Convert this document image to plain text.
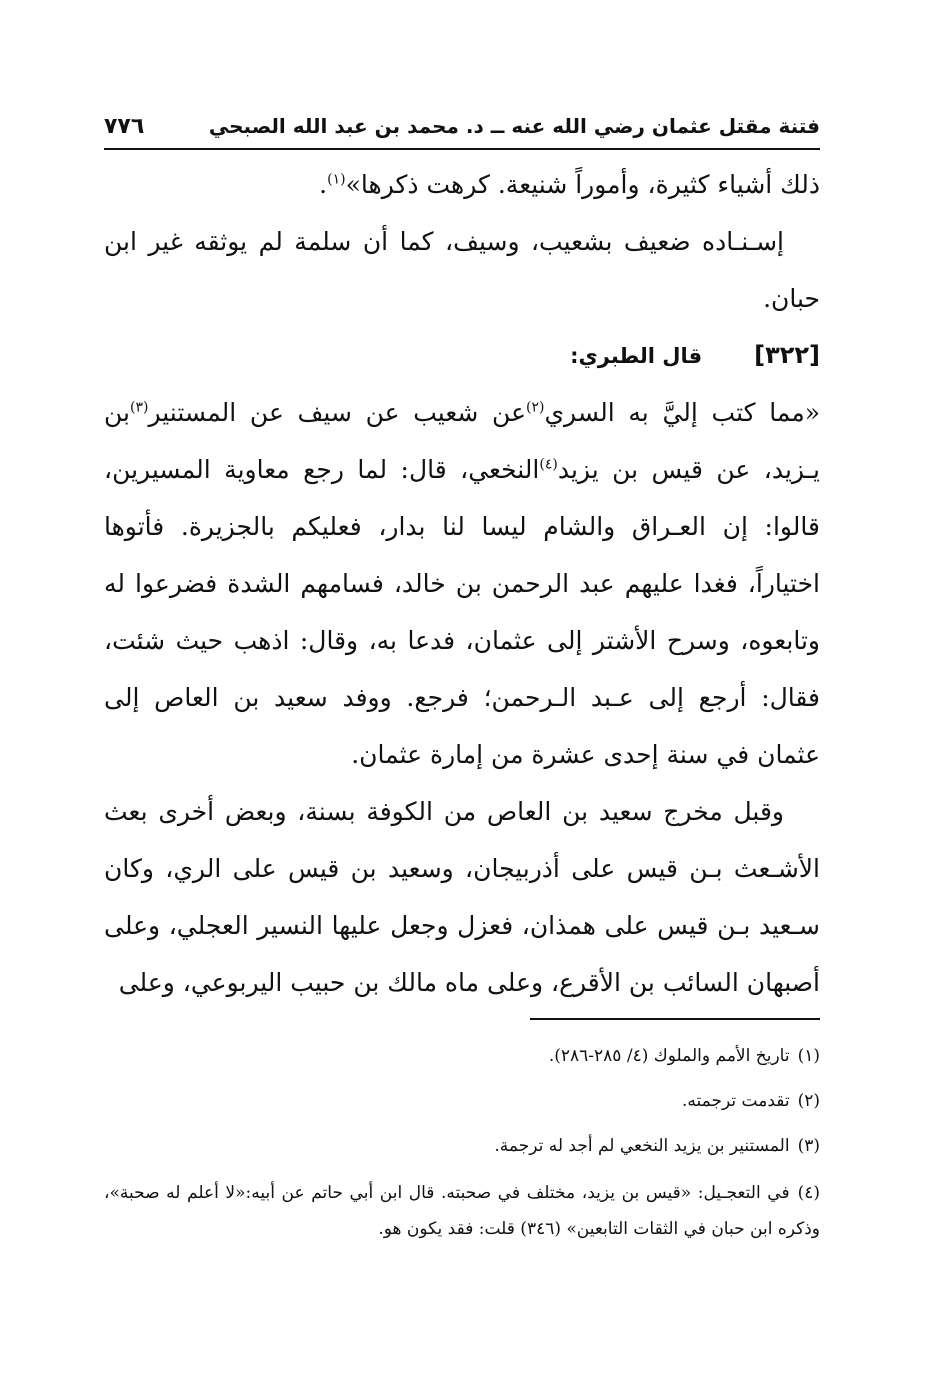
فتنة مقتل عثمان رضي الله عنه ــ د. محمد بن عبد الله الصبحي
٧٧٦

ذلك أشياء كثيرة، وأموراً شنيعة. كرهت ذكرها»$^{(١)}$.

إسـنـاده ضعيف بشعيب، وسيف، كما أن سلمة لم يوثقه غير ابن حبان.

[٣٢٢]
قال الطبري:

«مما كتب إليَّ به السري$^{(٢)}$عن شعيب عن سيف عن المستنير$^{(٣)}$بن يـزيد، عن قيس بن يزيد$^{(٤)}$النخعي، قال: لما رجع معاوية المسيرين، قالوا: إن العـراق والشام ليسا لنا بدار، فعليكم بالجزيرة. فأتوها اختياراً، فغدا عليهم عبد الرحمن بن خالد، فسامهم الشدة فضرعوا له وتابعوه، وسرح الأشتر إلى عثمان، فدعا به، وقال: اذهب حيث شئت، فقال: أرجع إلى عـبد الـرحمن؛ فرجع. ووفد سعيد بن العاص إلى عثمان في سنة إحدى عشرة من إمارة عثمان.

وقبل مخرج سعيد بن العاص من الكوفة بسنة، وبعض أخرى بعث الأشـعث بـن قيس على أذربيجان، وسعيد بن قيس على الري، وكان سـعيد بـن قيس على همذان، فعزل وجعل عليها النسير العجلي، وعلى أصبهان السائب بن الأقرع، وعلى ماه مالك بن حبيب اليربوعي، وعلى

(١)تاريخ الأمم والملوك (٤/ ٢٨٥-٢٨٦).
(٢)تقدمت ترجمته.
(٣)المستنير بن يزيد النخعي لم أجد له ترجمة.
(٤)في التعجـيل: «قيس بن يزيد، مختلف في صحبته. قال ابن أبي حاتم عن أبيه:«لا أعلم له صحبة»، وذكره ابن حبان في الثقات التابعين» (٣٤٦) قلت: فقد يكون هو.
